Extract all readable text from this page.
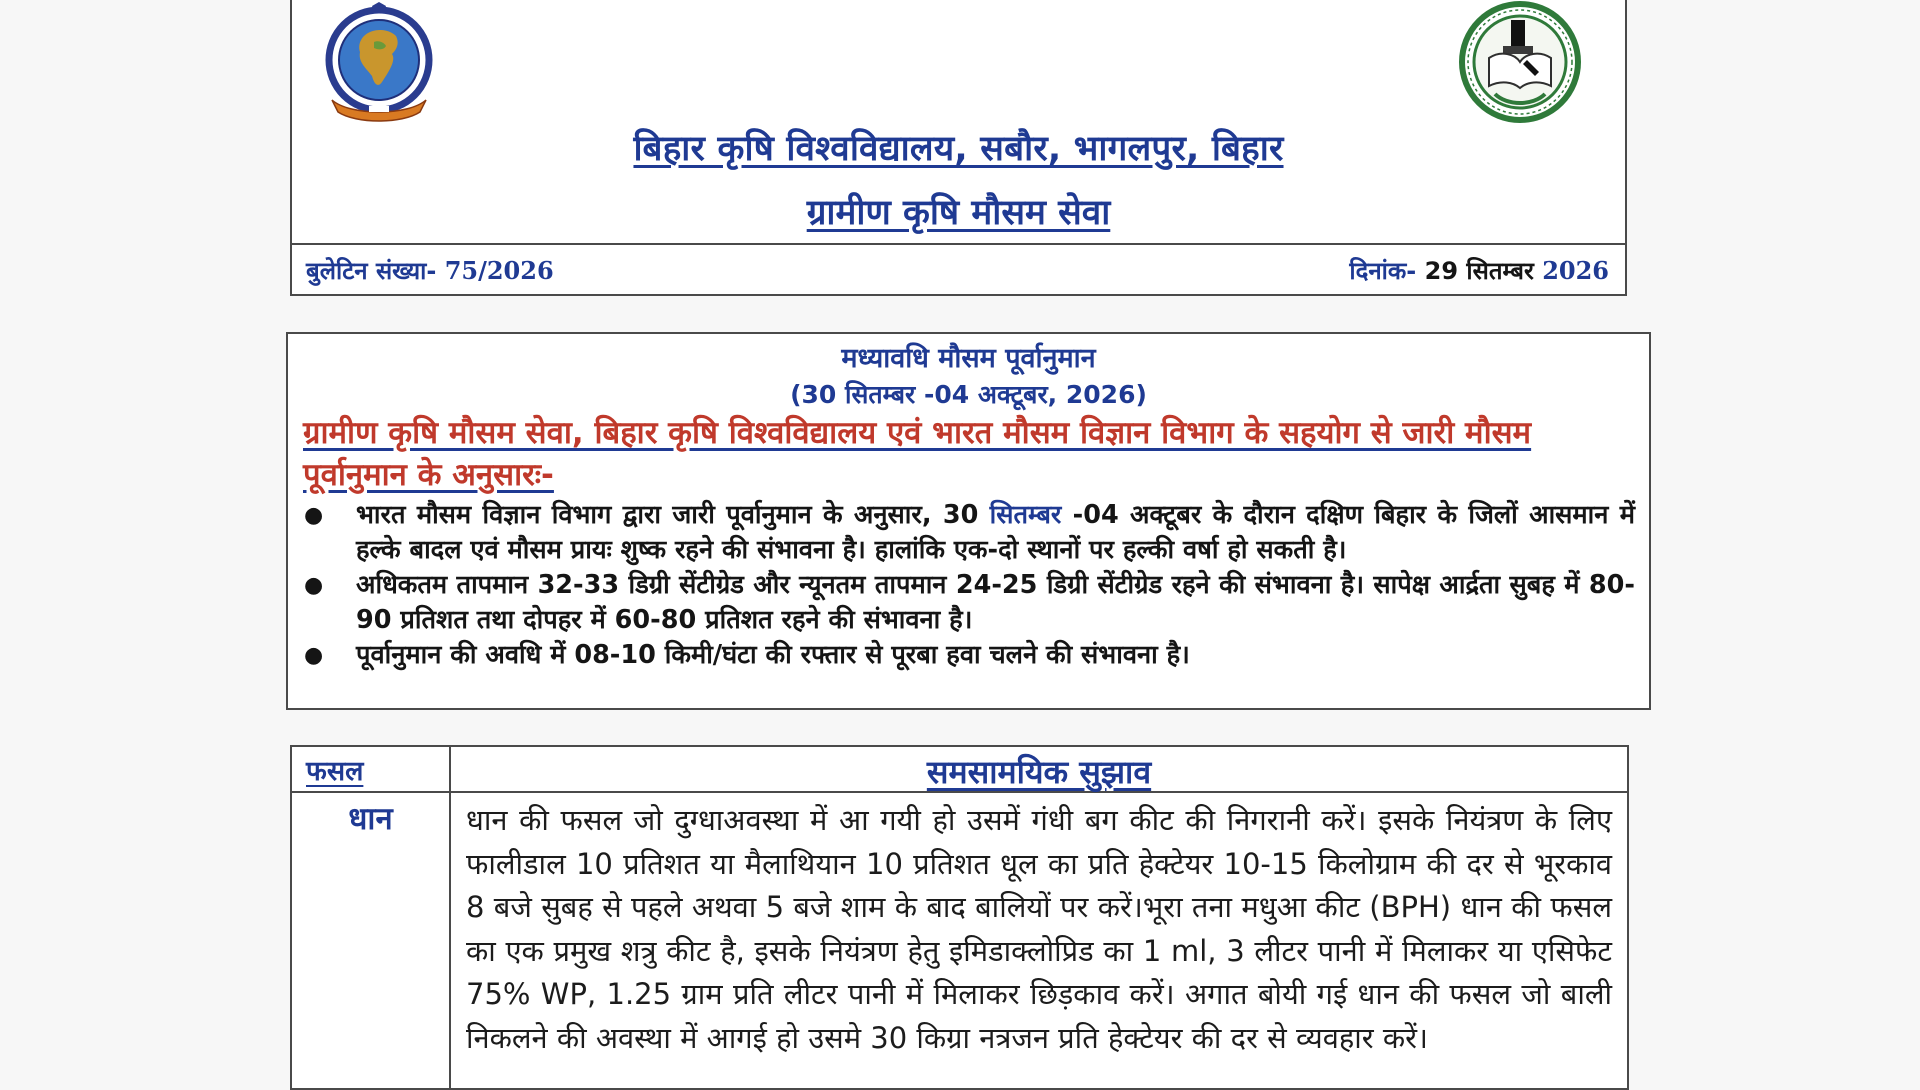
बिहार कृषि विश्वविद्यालय, सबौर, भागलपुर, बिहार
ग्रामीण कृषि मौसम सेवा
बुलेटिन संख्या- 75/2026	दिनांक- 29 सितम्बर 2026
मध्यावधि मौसम पूर्वानुमान
(30 सितम्बर -04 अक्टूबर, 2026)
ग्रामीण कृषि मौसम सेवा, बिहार कृषि विश्वविद्यालय एवं भारत मौसम विज्ञान विभाग के सहयोग से जारी मौसम पूर्वानुमान के अनुसारः-
● भारत मौसम विज्ञान विभाग द्वारा जारी पूर्वानुमान के अनुसार, 30 सितम्बर -04 अक्टूबर के दौरान दक्षिण बिहार के जिलों आसमान में हल्के बादल एवं मौसम प्रायः शुष्क रहने की संभावना है। हालांकि एक-दो स्थानों पर हल्की वर्षा हो सकती है।
● अधिकतम तापमान 32-33 डिग्री सेंटीग्रेड और न्यूनतम तापमान 24-25 डिग्री सेंटीग्रेड रहने की संभावना है। सापेक्ष आर्द्रता सुबह में 80-90 प्रतिशत तथा दोपहर में 60-80 प्रतिशत रहने की संभावना है।
● पूर्वानुमान की अवधि में 08-10 किमी/घंटा की रफ्तार से पूरबा हवा चलने की संभावना है।
फसल	समसामयिक सुझाव
धान	धान की फसल जो दुग्धाअवस्था में आ गयी हो उसमें गंधी बग कीट की निगरानी करें। इसके नियंत्रण के लिए फालीडाल 10 प्रतिशत या मैलाथियान 10 प्रतिशत धूल का प्रति हेक्टेयर 10-15 किलोग्राम की दर से भूरकाव 8 बजे सुबह से पहले अथवा 5 बजे शाम के बाद बालियों पर करें।भूरा तना मधुआ कीट (BPH) धान की फसल का एक प्रमुख शत्रु कीट है, इसके नियंत्रण हेतु इमिडाक्लोप्रिड का 1 ml, 3 लीटर पानी में मिलाकर या एसिफेट 75% WP, 1.25 ग्राम प्रति लीटर पानी में मिलाकर छिड़काव करें। अगात बोयी गई धान की फसल जो बाली निकलने की अवस्था में आगई हो उसमे 30 किग्रा नत्रजन प्रति हेक्टेयर की दर से व्यवहार करें।
